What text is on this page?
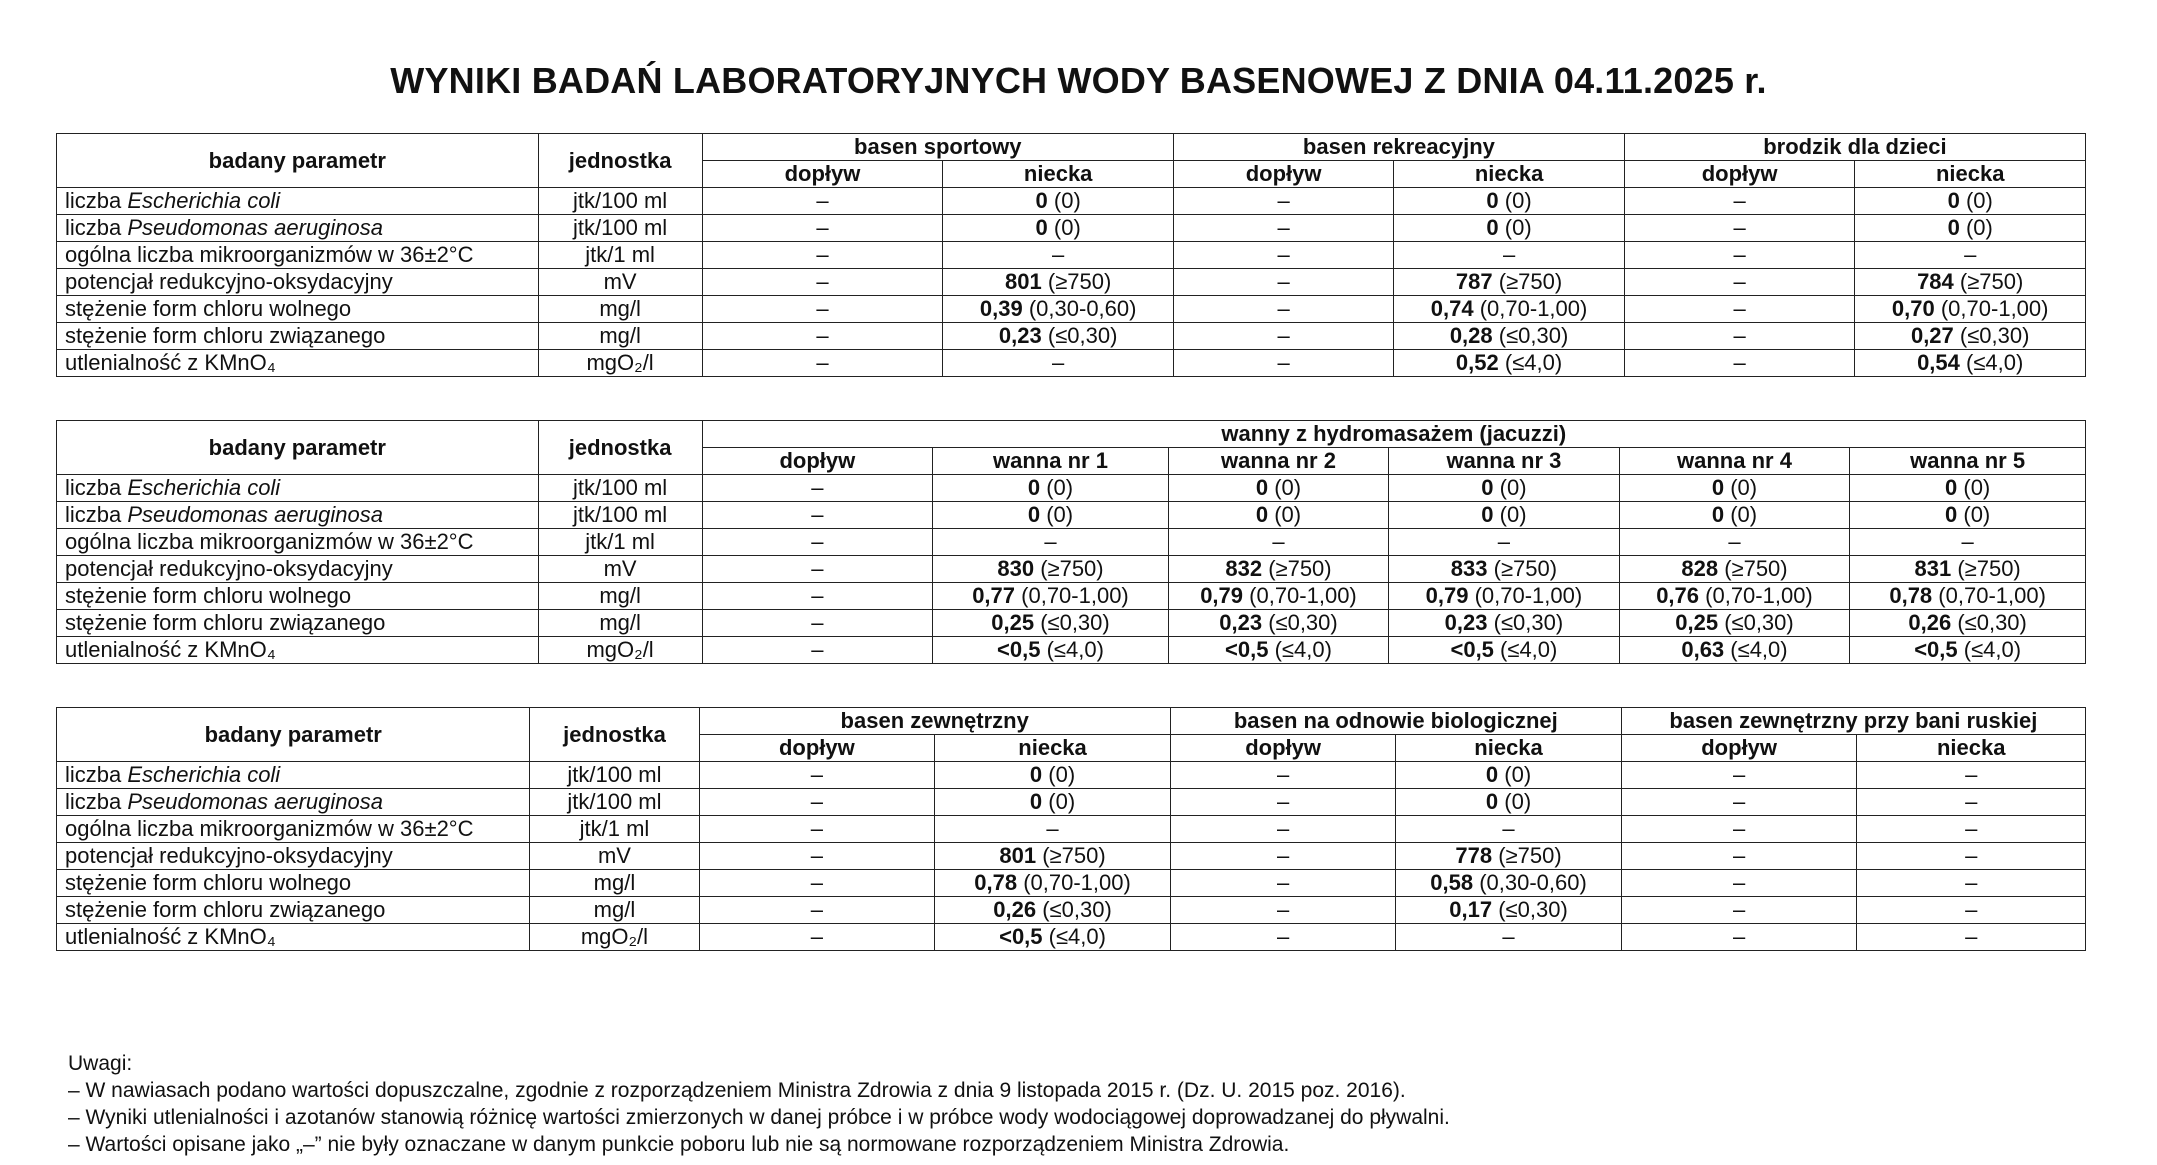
WYNIKI BADAŃ LABORATORYJNYCH WODY BASENOWEJ Z DNIA 04.11.2025 r.
badany parametr	jednostka	basen sportowy		basen rekreacyjny		brodzik dla dzieci	
		dopływ	niecka	dopływ	niecka	dopływ	niecka
liczba Escherichia coli	jtk/100 ml	–	0 (0)	–	0 (0)	–	0 (0)
liczba Pseudomonas aeruginosa	jtk/100 ml	–	0 (0)	–	0 (0)	–	0 (0)
ogólna liczba mikroorganizmów w 36±2°C	jtk/1 ml	–	–	–	–	–	–
potencjał redukcyjno-oksydacyjny	mV	–	801 (≥750)	–	787 (≥750)	–	784 (≥750)
stężenie form chloru wolnego	mg/l	–	0,39 (0,30-0,60)	–	0,74 (0,70-1,00)	–	0,70 (0,70-1,00)
stężenie form chloru związanego	mg/l	–	0,23 (≤0,30)	–	0,28 (≤0,30)	–	0,27 (≤0,30)
utlenialność z KMnO₄	mgO₂/l	–	–	–	0,52 (≤4,0)	–	0,54 (≤4,0)
badany parametr	jednostka	wanny z hydromasażem (jacuzzi)					
		dopływ	wanna nr 1	wanna nr 2	wanna nr 3	wanna nr 4	wanna nr 5
liczba Escherichia coli	jtk/100 ml	–	0 (0)	0 (0)	0 (0)	0 (0)	0 (0)
liczba Pseudomonas aeruginosa	jtk/100 ml	–	0 (0)	0 (0)	0 (0)	0 (0)	0 (0)
ogólna liczba mikroorganizmów w 36±2°C	jtk/1 ml	–	–	–	–	–	–
potencjał redukcyjno-oksydacyjny	mV	–	830 (≥750)	832 (≥750)	833 (≥750)	828 (≥750)	831 (≥750)
stężenie form chloru wolnego	mg/l	–	0,77 (0,70-1,00)	0,79 (0,70-1,00)	0,79 (0,70-1,00)	0,76 (0,70-1,00)	0,78 (0,70-1,00)
stężenie form chloru związanego	mg/l	–	0,25 (≤0,30)	0,23 (≤0,30)	0,23 (≤0,30)	0,25 (≤0,30)	0,26 (≤0,30)
utlenialność z KMnO₄	mgO₂/l	–	<0,5 (≤4,0)	<0,5 (≤4,0)	<0,5 (≤4,0)	0,63 (≤4,0)	<0,5 (≤4,0)
badany parametr	jednostka	basen zewnętrzny		basen na odnowie biologicznej		basen zewnętrzny przy bani ruskiej	
		dopływ	niecka	dopływ	niecka	dopływ	niecka
liczba Escherichia coli	jtk/100 ml	–	0 (0)	–	0 (0)	–	–
liczba Pseudomonas aeruginosa	jtk/100 ml	–	0 (0)	–	0 (0)	–	–
ogólna liczba mikroorganizmów w 36±2°C	jtk/1 ml	–	–	–	–	–	–
potencjał redukcyjno-oksydacyjny	mV	–	801 (≥750)	–	778 (≥750)	–	–
stężenie form chloru wolnego	mg/l	–	0,78 (0,70-1,00)	–	0,58 (0,30-0,60)	–	–
stężenie form chloru związanego	mg/l	–	0,26 (≤0,30)	–	0,17 (≤0,30)	–	–
utlenialność z KMnO₄	mgO₂/l	–	<0,5 (≤4,0)	–	–	–	–
Uwagi:
– W nawiasach podano wartości dopuszczalne, zgodnie z rozporządzeniem Ministra Zdrowia z dnia 9 listopada 2015 r. (Dz. U. 2015 poz. 2016).
– Wyniki utlenialności i azotanów stanowią różnicę wartości zmierzonych w danej próbce i w próbce wody wodociągowej doprowadzanej do pływalni.
– Wartości opisane jako „–” nie były oznaczane w danym punkcie poboru lub nie są normowane rozporządzeniem Ministra Zdrowia.
